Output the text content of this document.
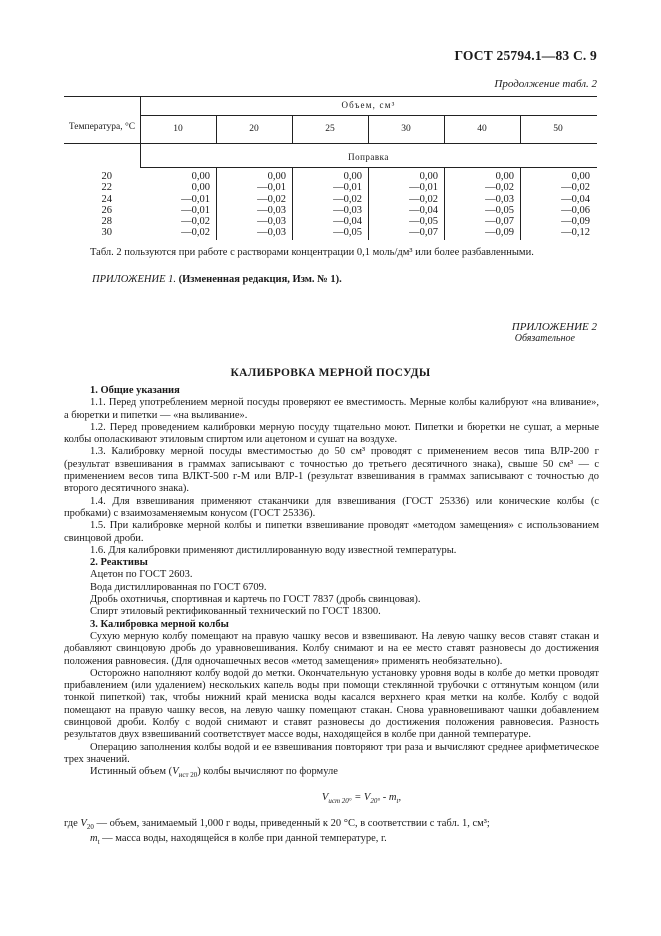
ГОСТ 25794.1—83 С. 9
Продолжение табл. 2
Температура, °С
Объем, см³
10	20	25	30	40	50
Поправка
20	0,00	0,00	0,00	0,00	0,00	0,00
22	0,00	—0,01	—0,01	—0,01	—0,02	—0,02
24	—0,01	—0,02	—0,02	—0,02	—0,03	—0,04
26	—0,01	—0,03	—0,03	—0,04	—0,05	—0,06
28	—0,02	—0,03	—0,04	—0,05	—0,07	—0,09
30	—0,02	—0,03	—0,05	—0,07	—0,09	—0,12

Табл. 2 пользуются при работе с растворами концентрации 0,1 моль/дм³ или более разбавленными.

ПРИЛОЖЕНИЕ 1. (Измененная редакция, Изм. № 1).
ПРИЛОЖЕНИЕ 2
Обязательное
КАЛИБРОВКА МЕРНОЙ ПОСУДЫ

1. Общие указания

1.1. Перед употреблением мерной посуды проверяют ее вместимость. Мерные колбы калибруют «на вливание», а бюретки и пипетки — «на выливание».

1.2. Перед проведением калибровки мерную посуду тщательно моют. Пипетки и бюретки не сушат, а мерные колбы ополаскивают этиловым спиртом или ацетоном и сушат на воздухе.

1.3. Калибровку мерной посуды вместимостью до 50 см³ проводят с применением весов типа ВЛР-200 г (результат взвешивания в граммах записывают с точностью до третьего десятичного знака), свыше 50 см³ — с применением весов типа ВЛКТ-500 г-М или ВЛР-1 (результат взвешивания в граммах записывают с точностью до второго десятичного знака).

1.4. Для взвешивания применяют стаканчики для взвешивания (ГОСТ 25336) или конические колбы (с пробками) с взаимозаменяемым конусом (ГОСТ 25336).

1.5. При калибровке мерной колбы и пипетки взвешивание проводят «методом замещения» с использованием свинцовой дроби.

1.6. Для калибровки применяют дистиллированную воду известной температуры.

2. Реактивы

Ацетон по ГОСТ 2603.

Вода дистиллированная по ГОСТ 6709.

Дробь охотничья, спортивная и картечь по ГОСТ 7837 (дробь свинцовая).

Спирт этиловый ректификованный технический по ГОСТ 18300.

3. Калибровка мерной колбы

Сухую мерную колбу помещают на правую чашку весов и взвешивают. На левую чашку весов ставят стакан и добавляют свинцовую дробь до уравновешивания. Колбу снимают и на ее место ставят разновесы до достижения положения равновесия. (Для одночашечных весов «метод замещения» применять необязательно).

Осторожно наполняют колбу водой до метки. Окончательную установку уровня воды в колбе до метки проводят прибавлением (или удалением) нескольких капель воды при помощи стеклянной трубочки с оттянутым концом (или тонкой пипеткой) так, чтобы нижний край мениска воды касался верхнего края метки на колбе. Колбу с водой помещают на правую чашку весов, на левую чашку помещают стакан. Снова уравновешивают чашки добавлением свинцовой дроби. Колбу с водой снимают и ставят разновесы до достижения положения равновесия. Разность результатов двух взвешиваний соответствует массе воды, находящейся в колбе при данной температуре.

Операцию заполнения колбы водой и ее взвешивания повторяют три раза и вычисляют среднее арифметическое трех значений.

Истинный объем $(V_{ист 20})$ колбы вычисляют по формуле

$V_{ист 20^\circ} = V_{20^\circ} - m_t$,

где $V_{20}$ — объем, занимаемый 1,000 г воды, приведенный к 20 °С, в соответствии с табл. 1, см³;

$m_t$ — масса воды, находящейся в колбе при данной температуре, г.
